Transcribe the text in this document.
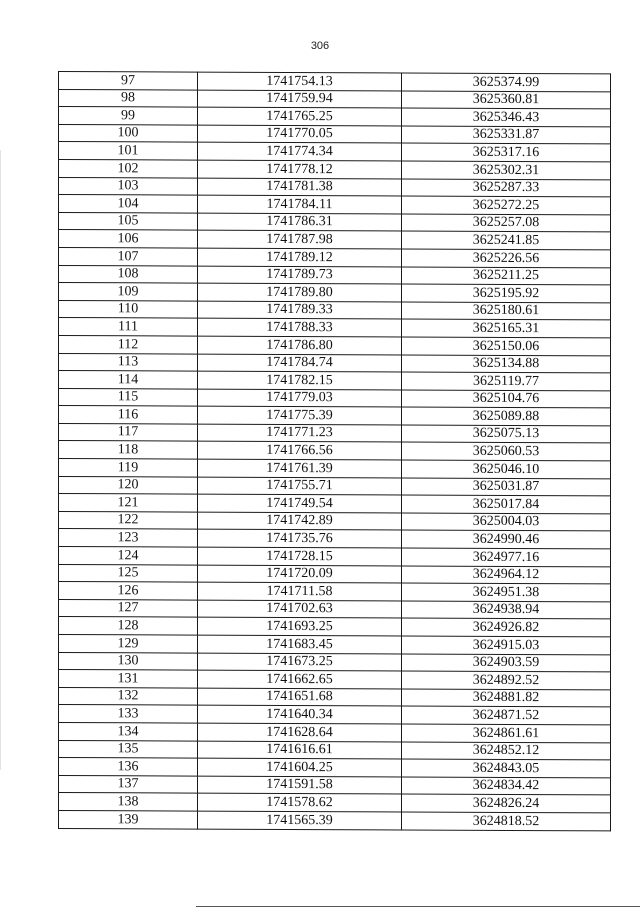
306
97	1741754.13	3625374.99
98	1741759.94	3625360.81
99	1741765.25	3625346.43
100	1741770.05	3625331.87
101	1741774.34	3625317.16
102	1741778.12	3625302.31
103	1741781.38	3625287.33
104	1741784.11	3625272.25
105	1741786.31	3625257.08
106	1741787.98	3625241.85
107	1741789.12	3625226.56
108	1741789.73	3625211.25
109	1741789.80	3625195.92
110	1741789.33	3625180.61
111	1741788.33	3625165.31
112	1741786.80	3625150.06
113	1741784.74	3625134.88
114	1741782.15	3625119.77
115	1741779.03	3625104.76
116	1741775.39	3625089.88
117	1741771.23	3625075.13
118	1741766.56	3625060.53
119	1741761.39	3625046.10
120	1741755.71	3625031.87
121	1741749.54	3625017.84
122	1741742.89	3625004.03
123	1741735.76	3624990.46
124	1741728.15	3624977.16
125	1741720.09	3624964.12
126	1741711.58	3624951.38
127	1741702.63	3624938.94
128	1741693.25	3624926.82
129	1741683.45	3624915.03
130	1741673.25	3624903.59
131	1741662.65	3624892.52
132	1741651.68	3624881.82
133	1741640.34	3624871.52
134	1741628.64	3624861.61
135	1741616.61	3624852.12
136	1741604.25	3624843.05
137	1741591.58	3624834.42
138	1741578.62	3624826.24
139	1741565.39	3624818.52
